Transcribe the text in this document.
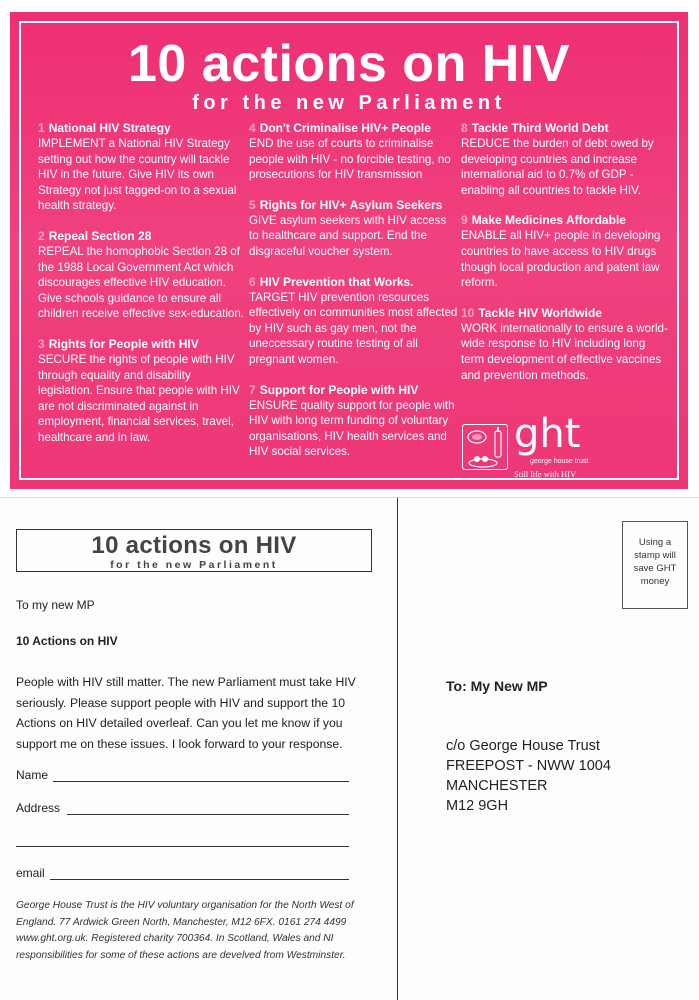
10 actions on HIV
for the new Parliament
1 National HIV Strategy
IMPLEMENT a National HIV Strategy setting out how the country will tackle HIV in the future. Give HIV its own Strategy not just tagged-on to a sexual health strategy.
2 Repeal Section 28
REPEAL the homophobic Section 28 of the 1988 Local Government Act which discourages effective HIV education. Give schools guidance to ensure all children receive effective sex-education.
3 Rights for People with HIV
SECURE the rights of people with HIV through equality and disability legislation. Ensure that people with HIV are not discriminated against in employment, financial services, travel, healthcare and in law.
4 Don't Criminalise HIV+ People
END the use of courts to criminalise people with HIV - no forcible testing, no prosecutions for HIV transmission
5 Rights for HIV+ Asylum Seekers
GIVE asylum seekers with HIV access to healthcare and support. End the disgraceful voucher system.
6 HIV Prevention that Works.
TARGET HIV prevention resources effectively on communities most affected by HIV such as gay men, not the uneccessary routine testing of all pregnant women.
7 Support for People with HIV
ENSURE quality support for people with HIV with long term funding of voluntary organisations, HIV health services and HIV social services.
8 Tackle Third World Debt
REDUCE the burden of debt owed by developing countries and increase international aid to 0.7% of GDP - enabling all countries to tackle HIV.
9 Make Medicines Affordable
ENABLE all HIV+ people in developing countries to have access to HIV drugs though local production and patent law reform.
10 Tackle HIV Worldwide
WORK internationally to ensure a world-wide response to HIV including long term development of effective vaccines and prevention methods.
ght
george house trust
Still life with HIV
10 actions on HIV
for the new Parliament
To my new MP
10 Actions on HIV
People with HIV still matter. The new Parliament must take HIV seriously. Please support people with HIV and support the 10 Actions on HIV detailed overleaf. Can you let me know if you support me on these issues. I look forward to your response.
Name
Address
email
George House Trust is the HIV voluntary organisation for the North West of England. 77 Ardwick Green North, Manchester, M12 6FX. 0161 274 4499 www.ght.org.uk. Registered charity 700364. In Scotland, Wales and NI responsibilities for some of these actions are develved from Westminster.
Using a stamp will save GHT money
To: My New MP
c/o George House Trust
FREEPOST - NWW 1004
MANCHESTER
M12 9GH
